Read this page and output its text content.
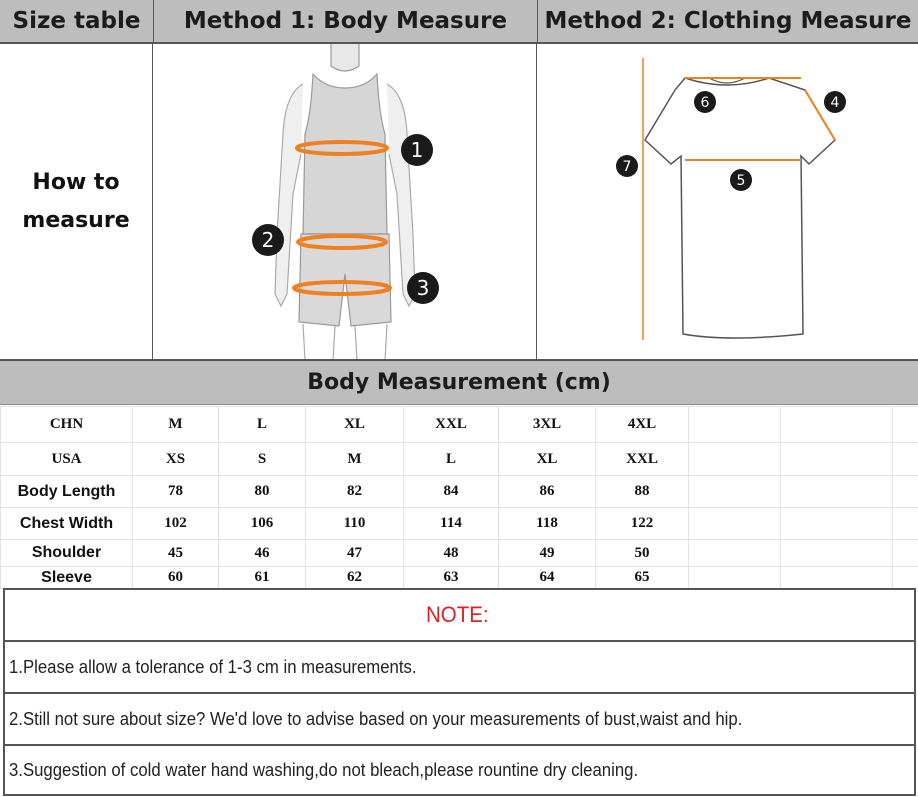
Size table Method 1: Body Measure Method 2: Clothing Measure
How to
measure
1
2
3
4
5
6
7
Body Measurement (cm)
CHN	M	L	XL	XXL	3XL	4XL			
USA	XS	S	M	L	XL	XXL			
Body Length	78	80	82	84	86	88			
Chest Width	102	106	110	114	118	122			
Shoulder	45	46	47	48	49	50			
Sleeve	60	61	62	63	64	65			
NOTE:
1.Please allow a tolerance of 1-3 cm in measurements.
2.Still not sure about size? We'd love to advise based on your measurements of bust,waist and hip.
3.Suggestion of cold water hand washing,do not bleach,please rountine dry cleaning.
